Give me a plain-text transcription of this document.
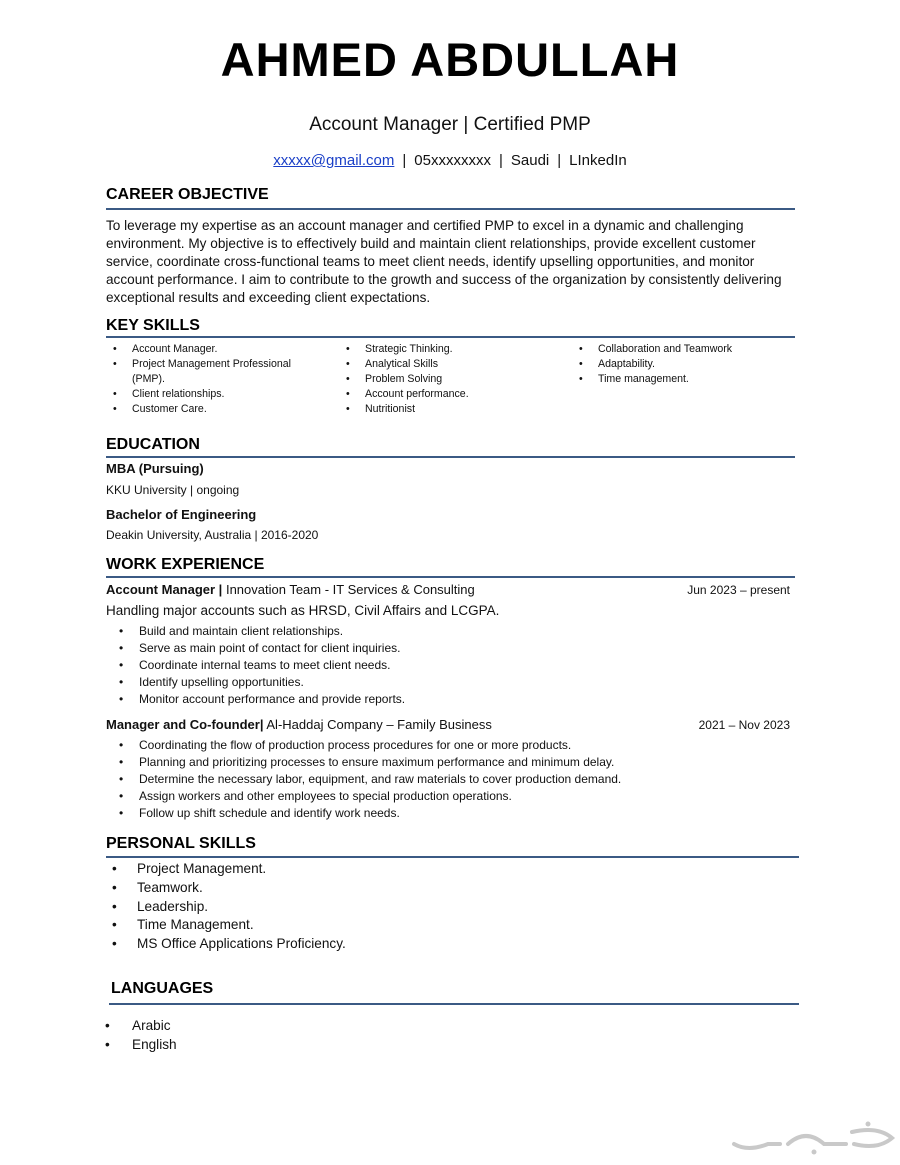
AHMED ABDULLAH
Account Manager | Certified PMP
xxxxx@gmail.com | 05xxxxxxxx | Saudi | LInkedIn
CAREER OBJECTIVE
To leverage my expertise as an account manager and certified PMP to excel in a dynamic and challenging environment. My objective is to effectively build and maintain client relationships, provide excellent customer service, coordinate cross-functional teams to meet client needs, identify upselling opportunities, and monitor account performance. I aim to contribute to the growth and success of the organization by consistently delivering exceptional results and exceeding client expectations.
KEY SKILLS
• Account Manager.
• Project Management Professional (PMP).
• Client relationships.
• Customer Care.
• Strategic Thinking.
• Analytical Skills
• Problem Solving
• Account performance.
• Nutritionist
• Collaboration and Teamwork
• Adaptability.
• Time management.
EDUCATION
MBA (Pursuing)
KKU University | ongoing
Bachelor of Engineering
Deakin University, Australia | 2016-2020
WORK EXPERIENCE
Account Manager | Innovation Team - IT Services & Consulting	Jun 2023 – present
Handling major accounts such as HRSD, Civil Affairs and LCGPA.
• Build and maintain client relationships.
• Serve as main point of contact for client inquiries.
• Coordinate internal teams to meet client needs.
• Identify upselling opportunities.
• Monitor account performance and provide reports.
Manager and Co-founder| Al-Haddaj Company – Family Business	2021 – Nov 2023
• Coordinating the flow of production process procedures for one or more products.
• Planning and prioritizing processes to ensure maximum performance and minimum delay.
• Determine the necessary labor, equipment, and raw materials to cover production demand.
• Assign workers and other employees to special production operations.
• Follow up shift schedule and identify work needs.
PERSONAL SKILLS
• Project Management.
• Teamwork.
• Leadership.
• Time Management.
• MS Office Applications Proficiency.
LANGUAGES
• Arabic
• English
